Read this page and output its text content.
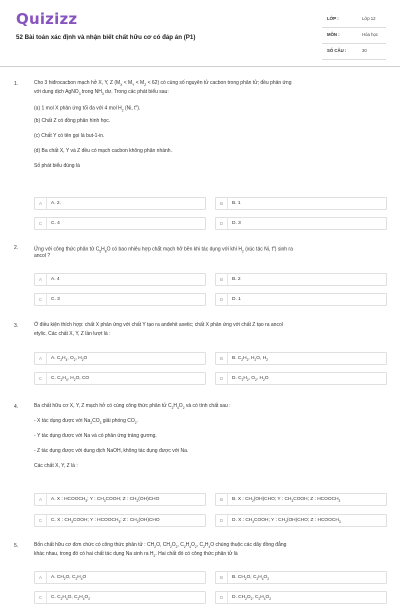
Quizizz
52 Bài toán xác định và nhận biết chất hữu cơ có đáp án (P1)
LỚP :	Lớp 12
MÔN :	Hóa học
SỐ CÂU :	30
1.	Cho 3 hiđrocacbon mạch hở X, Y, Z $(M_X < M_Y < M_Z < 62)$ có cùng số nguyên tử cacbon trong phân tử; đều phản ứng
với dung dịch AgNO$_3$ trong $NH_3$ dư. Trong các phát biểu sau:
(a) 1 mol X phản ứng tối đa với 4 mol $H_2$ (Ni, $t^o$).
(b) Chất Z có đồng phân hình học.
(c) Chất Y có tên gọi là but-1-in.
(d) Ba chất X, Y và Z đều có mạch cacbon không phân nhánh.
Số phát biểu đúng là
A	A. 2.	B	B. 1
C	C. 4	D	D. 3
2.	Ứng với công thức phân tử $C_5H_8O$ có bao nhiêu hợp chất mạch hở bền khi tác dụng với khí $H_2$ (xúc tác Ni, $t^o$) sinh ra
ancol ?
A	A. 4	B	B. 2
C	C. 3	D	D. 1
3.	Ở điều kiện thích hợp: chất X phản ứng với chất Y tạo ra anđehit axetic; chất X phản ứng với chất Z tạo ra ancol
etylic. Các chất X, Y, Z lần lượt là :
A	A. $C_2H_4$, $O_2$, $H_2O$	B	B. $C_2H_2$, $H_2O$, $H_2$
C	C. $C_2H_4$, $H_2O$, CO	D	D. $C_2H_2$, $O_2$, $H_2O$
4.	Ba chất hữu cơ X, Y, Z mạch hở có cùng công thức phân tử $C_2H_4O_2$ và có tính chất sau :
- X tác dụng được với $Na_2CO_3$ giải phóng $CO_2$.
- Y tác dụng được với Na và có phản ứng tráng gương.
- Z tác dụng được với dung dịch NaOH, không tác dụng được với Na.
Các chất X, Y, Z là :
A	A. X : $HCOOCH_3$; Y : $CH_3COOH$; Z : $CH_2(OH)CHO$	B	B. X : $CH_2(OH)CHO$; Y : $CH_3COOH$; Z : $HCOOCH_3$
C	C. X : $CH_3COOH$; Y : $HCOOCH_3$; Z : $CH_2(OH)CHO$	D	D. X : $CH_3COOH$; Y : $CH_2(OH)CHO$; Z : $HCOOCH_3$
5.	Bốn chất hữu cơ đơn chức có công thức phân tử : $CH_2O$, $CH_2O_2$, $C_2H_4O_2$, $C_2H_4O$ chúng thuộc các dãy đồng đẳng
khác nhau, trong đó có hai chất tác dụng Na sinh ra $H_2$. Hai chất đó có công thức phân tử là
A	A. $CH_2O$, $C_2H_4O$	B	B. $CH_2O$, $C_2H_4O_2$
C	C. $C_2H_4O$, $C_2H_4O_2$	D	D. $CH_2O_2$, $C_2H_4O_2$
